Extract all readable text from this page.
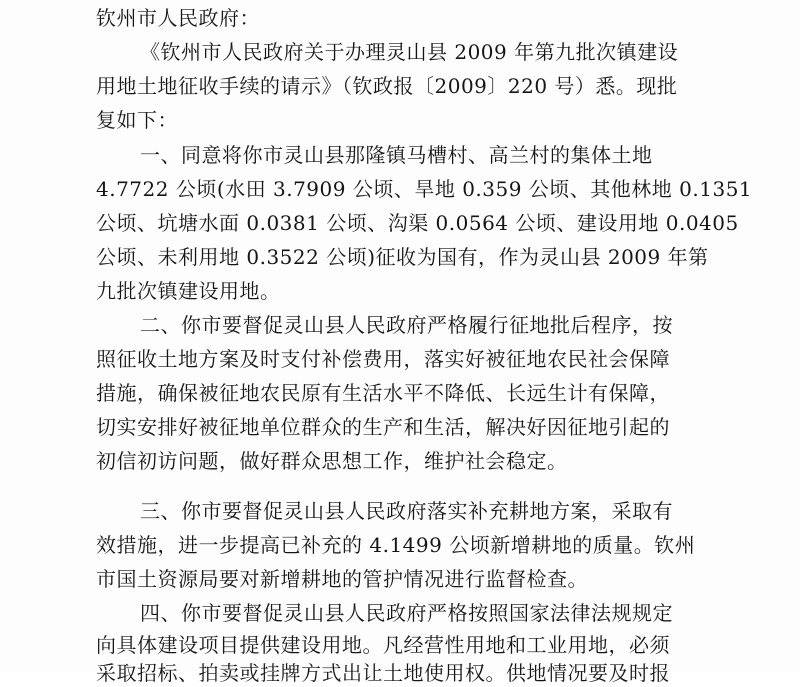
钦州市人民政府：
《钦州市人民政府关于办理灵山县 2009 年第九批次镇建设
用地土地征收手续的请示》（钦政报〔2009〕220 号）悉。现批
复如下：
一、同意将你市灵山县那隆镇马槽村、高兰村的集体土地
4.7722 公顷(水田 3.7909 公顷、旱地 0.359 公顷、其他林地 0.1351
公顷、坑塘水面 0.0381 公顷、沟渠 0.0564 公顷、建设用地 0.0405
公顷、未利用地 0.3522 公顷)征收为国有，作为灵山县 2009 年第
九批次镇建设用地。
二、你市要督促灵山县人民政府严格履行征地批后程序，按
照征收土地方案及时支付补偿费用，落实好被征地农民社会保障
措施，确保被征地农民原有生活水平不降低、长远生计有保障，
切实安排好被征地单位群众的生产和生活，解决好因征地引起的
初信初访问题，做好群众思想工作，维护社会稳定。
三、你市要督促灵山县人民政府落实补充耕地方案，采取有
效措施，进一步提高已补充的 4.1499 公顷新增耕地的质量。钦州
市国土资源局要对新增耕地的管护情况进行监督检查。
四、你市要督促灵山县人民政府严格按照国家法律法规规定
向具体建设项目提供建设用地。凡经营性用地和工业用地，必须
采取招标、拍卖或挂牌方式出让土地使用权。供地情况要及时报
